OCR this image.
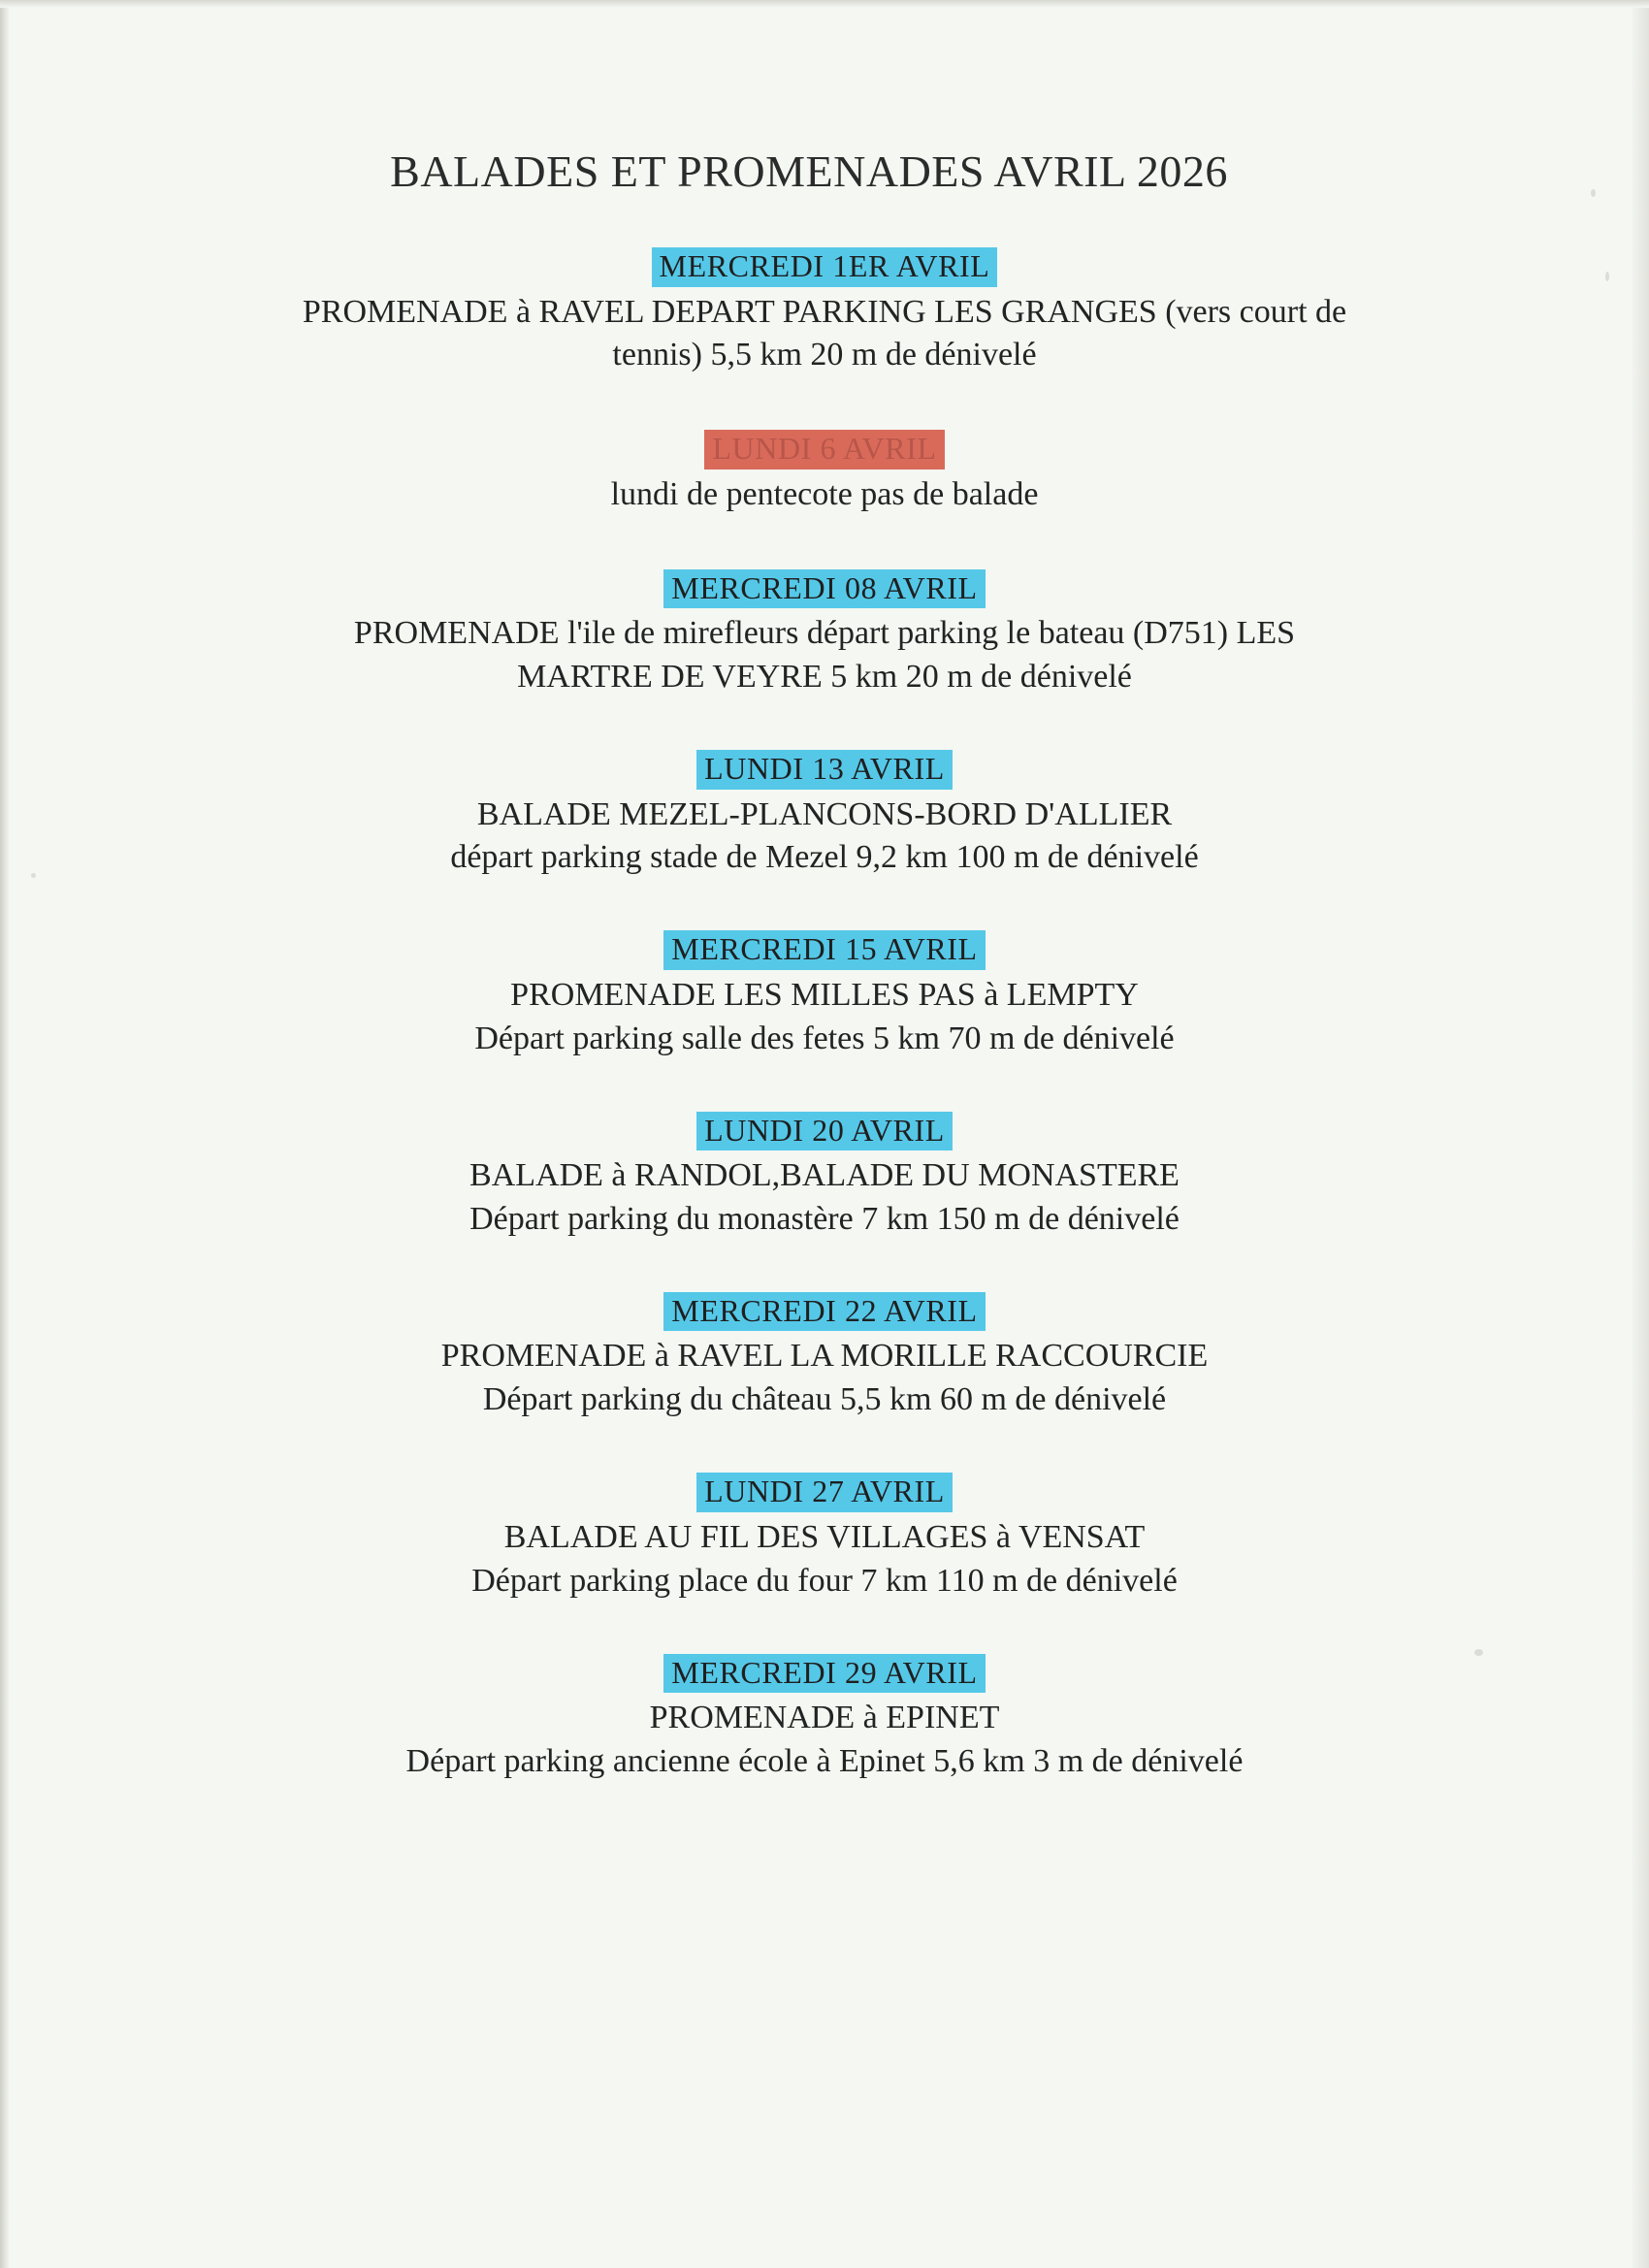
BALADES ET PROMENADES AVRIL 2026
MERCREDI 1ER AVRIL
PROMENADE à RAVEL DEPART PARKING LES GRANGES (vers court de
tennis) 5,5 km 20 m de dénivelé
LUNDI 6 AVRIL
lundi de pentecote pas de balade
MERCREDI 08 AVRIL
PROMENADE l'ile de mirefleurs départ parking le bateau (D751) LES
MARTRE DE VEYRE 5 km 20 m de dénivelé
LUNDI 13 AVRIL
BALADE MEZEL-PLANCONS-BORD D'ALLIER
départ parking stade de Mezel 9,2 km 100 m de dénivelé
MERCREDI 15 AVRIL
PROMENADE LES MILLES PAS à LEMPTY
Départ parking salle des fetes 5 km 70 m de dénivelé
LUNDI 20 AVRIL
BALADE à RANDOL,BALADE DU MONASTERE
Départ parking du monastère 7 km 150 m de dénivelé
MERCREDI 22 AVRIL
PROMENADE à RAVEL LA MORILLE RACCOURCIE
Départ parking du château 5,5 km 60 m de dénivelé
LUNDI 27 AVRIL
BALADE AU FIL DES VILLAGES à VENSAT
Départ parking place du four 7 km 110 m de dénivelé
MERCREDI 29 AVRIL
PROMENADE à EPINET
Départ parking ancienne école à Epinet 5,6 km 3 m de dénivelé
